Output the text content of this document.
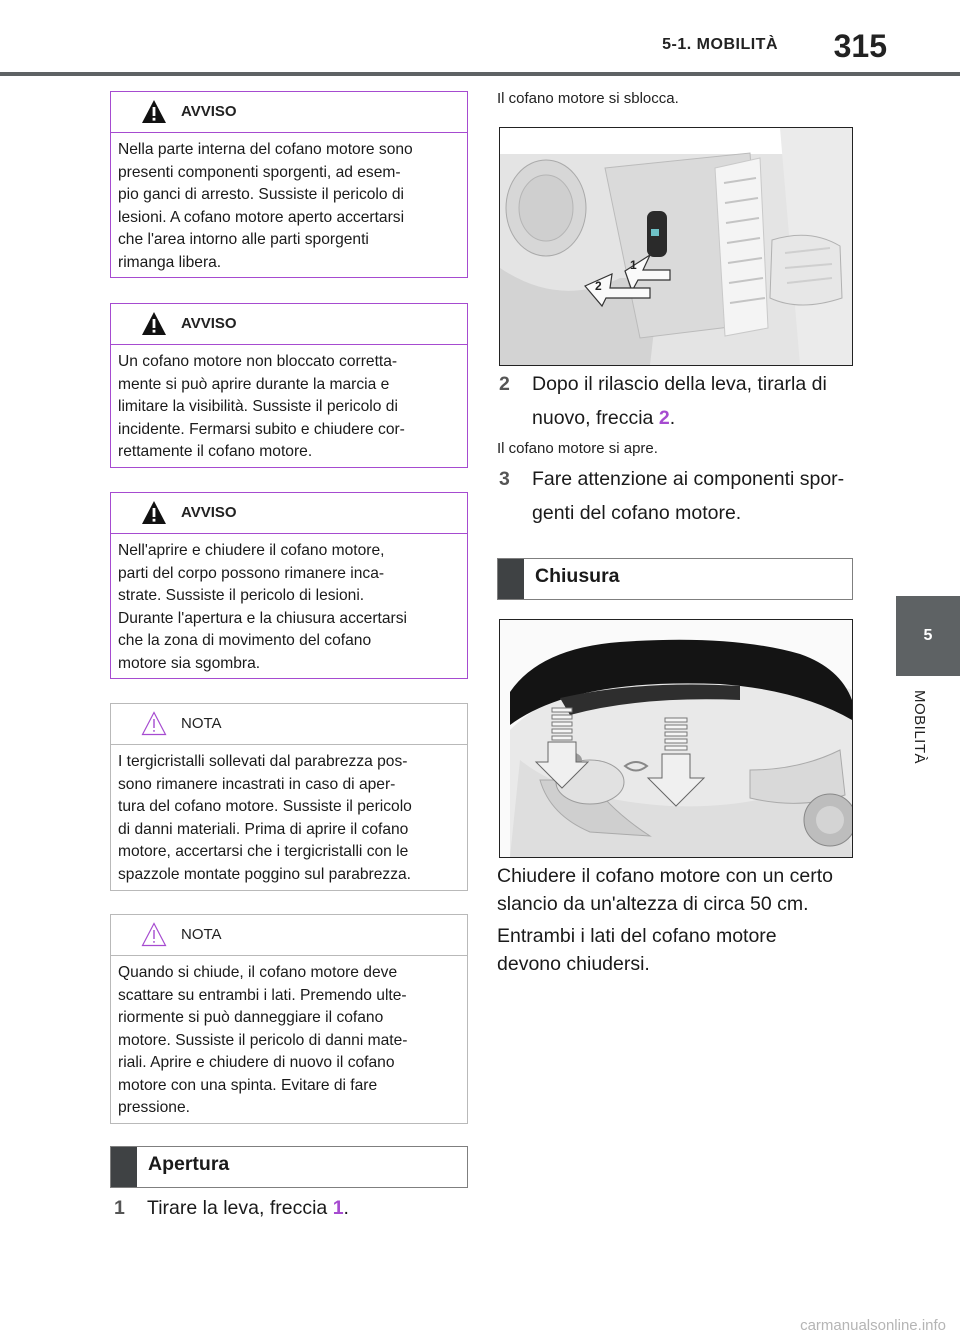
5-1. MOBILITÀ 315
5
MOBILITÀ
AVVISO
Nella parte interna del cofano motore sono
presenti componenti sporgenti, ad esem-
pio ganci di arresto. Sussiste il pericolo di
lesioni. A cofano motore aperto accertarsi
che l'area intorno alle parti sporgenti
rimanga libera.
AVVISO
Un cofano motore non bloccato corretta-
mente si può aprire durante la marcia e
limitare la visibilità. Sussiste il pericolo di
incidente. Fermarsi subito e chiudere cor-
rettamente il cofano motore.
AVVISO
Nell'aprire e chiudere il cofano motore,
parti del corpo possono rimanere inca-
strate. Sussiste il pericolo di lesioni.
Durante l'apertura e la chiusura accertarsi
che la zona di movimento del cofano
motore sia sgombra.
NOTA
I tergicristalli sollevati dal parabrezza pos-
sono rimanere incastrati in caso di aper-
tura del cofano motore. Sussiste il pericolo
di danni materiali. Prima di aprire il cofano
motore, accertarsi che i tergicristalli con le
spazzole montate poggino sul parabrezza.
NOTA
Quando si chiude, il cofano motore deve
scattare su entrambi i lati. Premendo ulte-
riormente si può danneggiare il cofano
motore. Sussiste il pericolo di danni mate-
riali. Aprire e chiudere di nuovo il cofano
motore con una spinta. Evitare di fare
pressione.
Apertura
1	Tirare la leva, freccia 1.
Il cofano motore si sblocca.
1
2
2	Dopo il rilascio della leva, tirarla di
nuovo, freccia 2.
Il cofano motore si apre.
3	Fare attenzione ai componenti spor-
genti del cofano motore.
Chiusura
Chiudere il cofano motore con un certo
slancio da un'altezza di circa 50 cm.
Entrambi i lati del cofano motore
devono chiudersi.
carmanualsonline.info
